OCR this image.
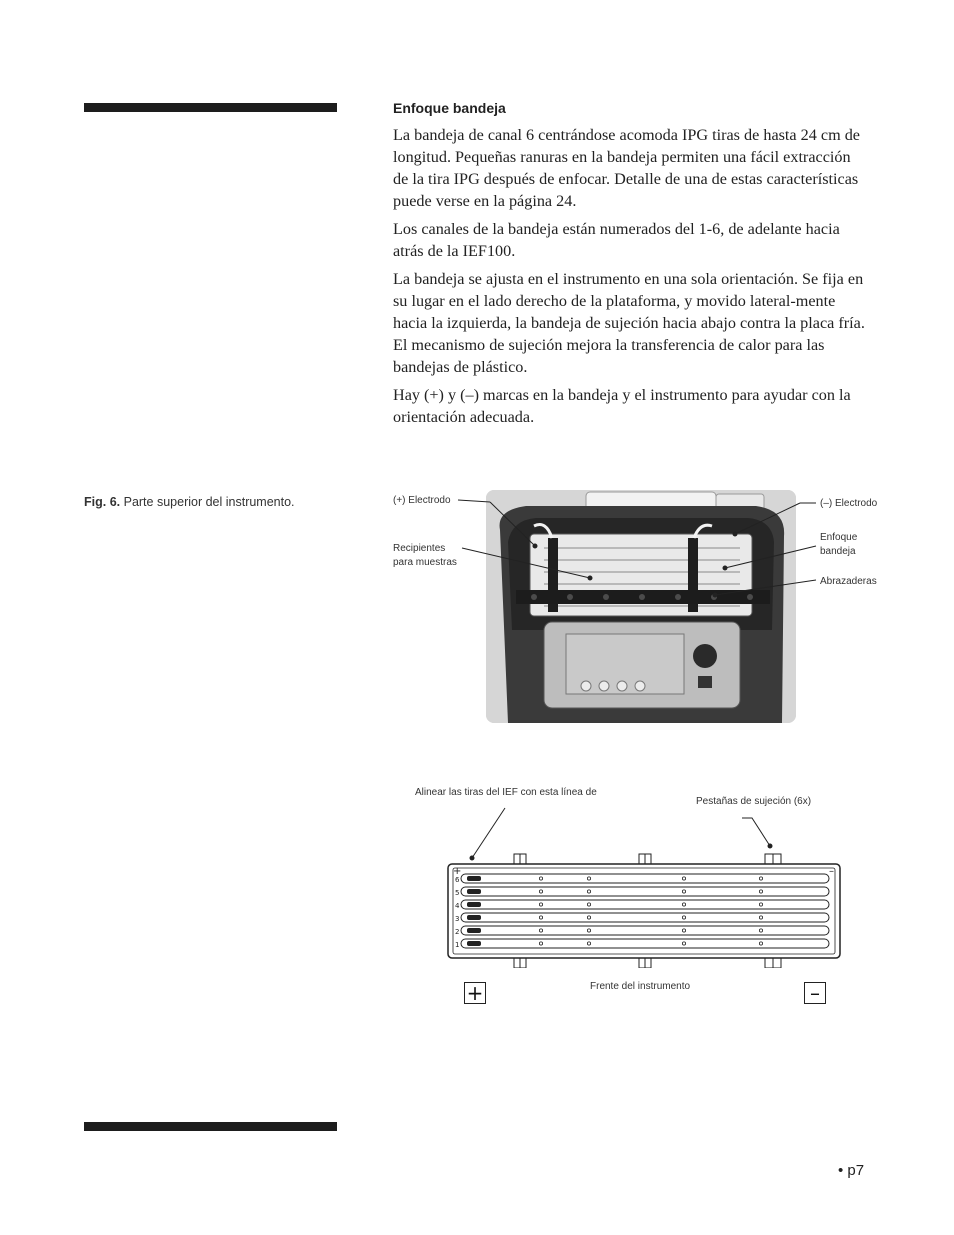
Enfoque bandeja

La bandeja de canal 6 centrándose acomoda IPG tiras de hasta 24 cm de longitud. Pequeñas ranuras en la bandeja permiten una fácil extracción de la tira IPG después de enfocar. Detalle de una de estas características puede verse en la página 24.

Los canales de la bandeja están numerados del 1-6, de adelante hacia atrás de la IEF100.

La bandeja se ajusta en el instrumento en una sola orientación. Se fija en su lugar en el lado derecho de la plataforma, y movido lateral-mente hacia la izquierda, la bandeja de sujeción hacia abajo contra la placa fría. El mecanismo de sujeción mejora la transferencia de calor para las bandejas de plástico.

Hay (+) y (–) marcas en la bandeja y el instrumento para ayudar con la orientación adecuada.

Fig. 6. Parte superior del instrumento.	(+) Electrodo	(–) Electrodo
Recipientes
para muestras
Enfoque
bandeja
Abrazaderas
Alinear las tiras del IEF con esta línea de
Pestañas de sujeción (6x)
6
5
4
3
2
1
+	–
Frente del instrumento
+	–
• p7
